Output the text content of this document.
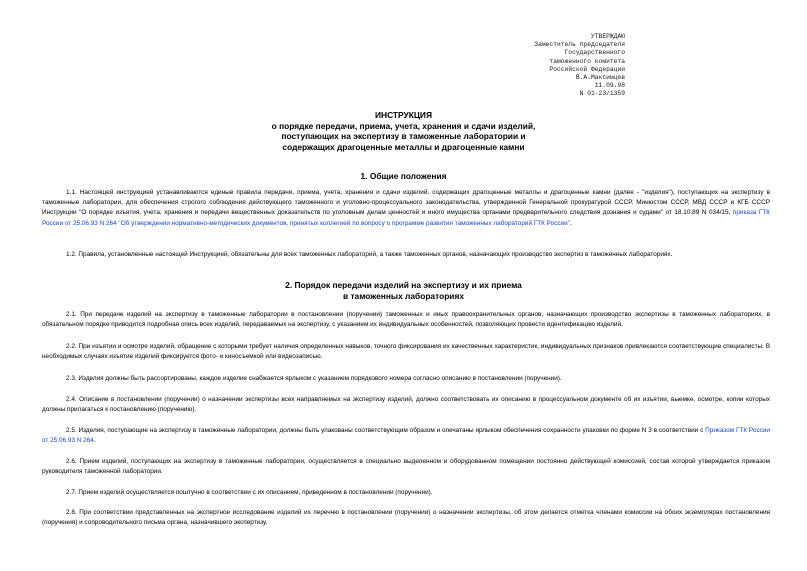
УТВЕРЖДАЮ
Заместитель председателя
Государственного
таможенного комитета
Российской Федерации
В.А.Максимцев
11.09.98
N 01-23/1359
ИНСТРУКЦИЯ
о порядке передачи, приема, учета, хранения и сдачи изделий,
поступающих на экспертизу в таможенные лаборатории и
содержащих драгоценные металлы и драгоценные камни
1. Общие положения
1.1. Настоящей инструкцией устанавливаются единые правила передачи, приема, учета, хранения и сдачи изделий, содержащих драгоценные металлы и драгоценные камни (далее - "изделия"), поступающих на экспертизу в таможенные лаборатории, для обеспечения строгого соблюдения действующего таможенного и уголовно-процессуального законодательства, утвержденной Генеральной прокуратурой СССР, Минюстом СССР, МВД СССР и КГБ СССР Инструкции "О порядке изъятия, учета, хранения и передачи вещественных доказательств по уголовным делам ценностей и иного имущества органами предварительного следствия дознания и судами" от 18.10.89 N 034/15, приказа ГТК России от 25.06.93 N 264 "Об утверждении нормативно-методических документов, принятых коллегией по вопросу о программе развития таможенных лабораторий ГТК России".
1.2. Правила, установленные настоящей Инструкцией, обязательны для всех таможенных лабораторий, а также таможенных органов, назначающих производство экспертиз в таможенных лабораториях.
2. Порядок передачи изделий на экспертизу и их приема
в таможенных лабораториях
2.1. При передаче изделий на экспертизу в таможенные лаборатории в постановлении (поручении) таможенных и иных правоохранительных органов, назначающих производство экспертизы в таможенных лабораториях, в обязательном порядке приводится подробная опись всех изделий, передаваемых на экспертизу, с указанием их индивидуальных особенностей, позволяющих провести идентификацию изделий.
2.2. При изъятии и осмотре изделий, обращение с которыми требует наличия определенных навыков, точного фиксирования их качественных характеристик, индивидуальных признаков привлекаются соответствующие специалисты. В необходимых случаях изъятие изделий фиксируется фото- и киносъемкой или видеозаписью.
2.3. Изделия должны быть рассортированы, каждое изделие снабжается ярлыком с указанием порядкового номера согласно описанию в постановлении (поручении).
2.4. Описание в постановлении (поручении) о назначении экспертизы всех направляемых на экспертизу изделий, должно соответствовать их описанию в процессуальном документе об их изъятии, выемке, осмотре, копии которых должны прилагаться к постановлению (поручению).
2.5. Изделия, поступающие на экспертизу в таможенные лаборатории, должны быть упакованы соответствующим образом и опечатаны ярлыком обеспечения сохранности упаковки по форме N 3 в соответствии с Приказом ГТК России от 25.06.93 N 264.
2.6. Прием изделий, поступающих на экспертизу в таможенные лаборатории, осуществляется в специально выделенном и оборудованном помещении постоянно действующей комиссией, состав которой утверждается приказом руководителя таможенной лаборатории.
2.7. Прием изделий осуществляется поштучно в соответствии с их описанием, приведенном в постановлении (поручении).
2.8. При соответствии представленных на экспертное исследование изделий их перечню в постановлении (поручении) о назначении экспертизы, об этом делается отметка членами комиссии на обоих экземплярах постановления (поручения) и сопроводительного письма органа, назначившего экспертизу.
